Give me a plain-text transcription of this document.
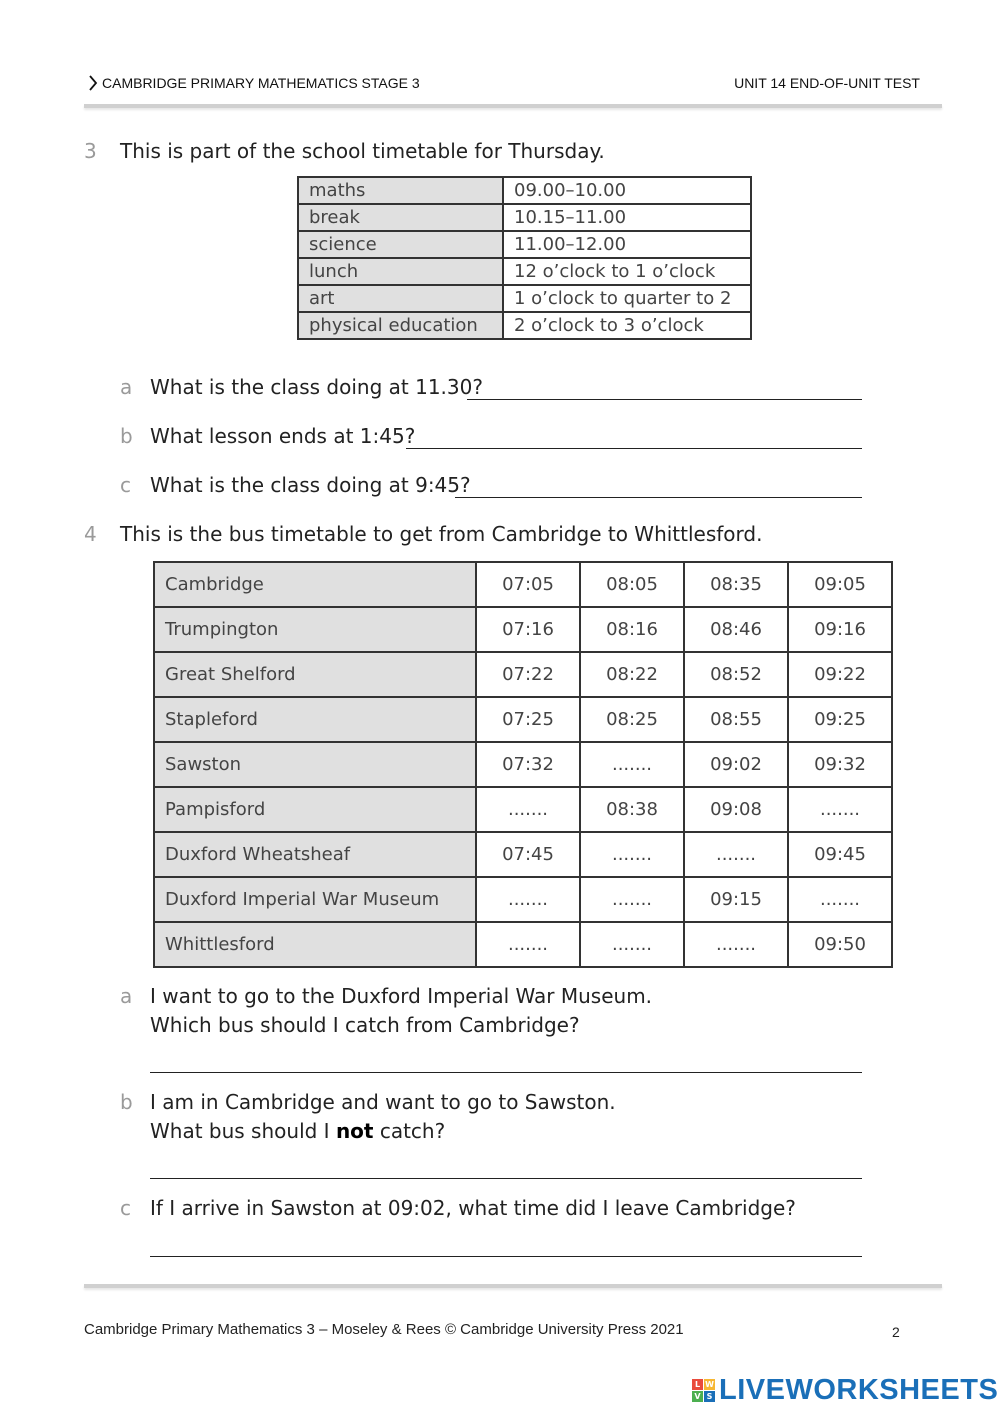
CAMBRIDGE PRIMARY MATHEMATICS STAGE 3	UNIT 14 END-OF-UNIT TEST
3 This is part of the school timetable for Thursday.
maths	09.00–10.00
break	10.15–11.00
science	11.00–12.00
lunch	12 o’clock to 1 o’clock
art	1 o’clock to quarter to 2
physical education	2 o’clock to 3 o’clock
a What is the class doing at 11.30?
b What lesson ends at 1:45?
c What is the class doing at 9:45?
4 This is the bus timetable to get from Cambridge to Whittlesford.
Cambridge	07:05	08:05	08:35	09:05
Trumpington	07:16	08:16	08:46	09:16
Great Shelford	07:22	08:22	08:52	09:22
Stapleford	07:25	08:25	08:55	09:25
Sawston	07:32	.......	09:02	09:32
Pampisford	.......	08:38	09:08	.......
Duxford Wheatsheaf	07:45	.......	.......	09:45
Duxford Imperial War Museum	.......	.......	09:15	.......
Whittlesford	.......	.......	.......	09:50
a I want to go to the Duxford Imperial War Museum.
Which bus should I catch from Cambridge?
b I am in Cambridge and want to go to Sawston.
What bus should I not catch?
c If I arrive in Sawston at 09:02, what time did I leave Cambridge?
Cambridge Primary Mathematics 3 – Moseley & Rees © Cambridge University Press 2021	2
L W
V S LIVEWORKSHEETS
